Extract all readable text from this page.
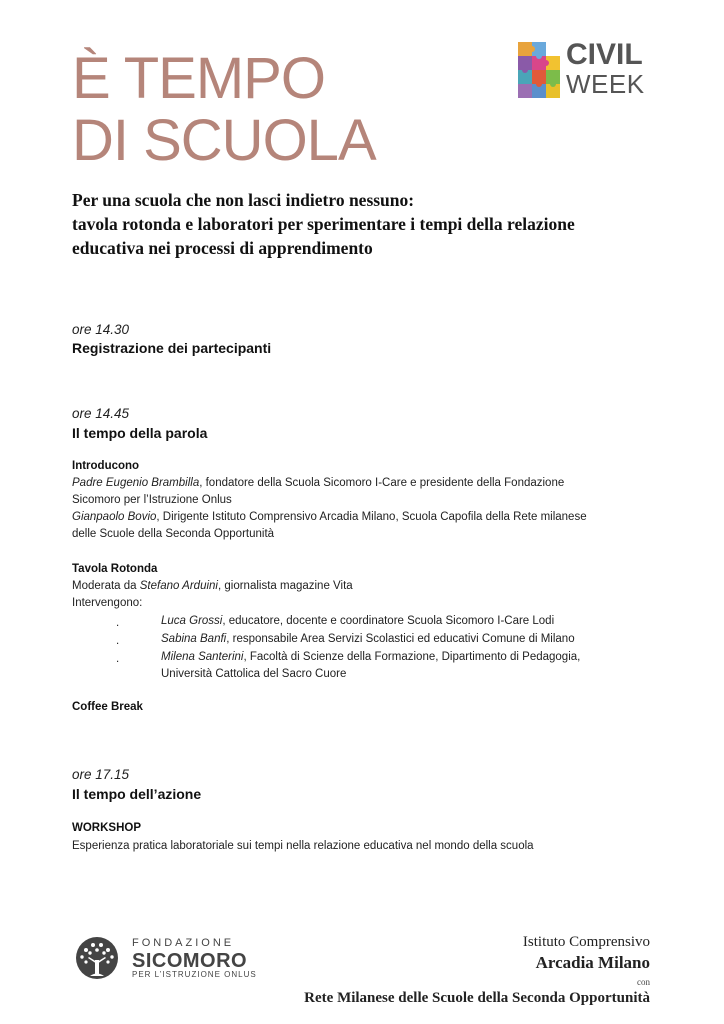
È TEMPO
DI SCUOLA
CIVIL
WEEK
Per una scuola che non lasci indietro nessuno:
tavola rotonda e laboratori per sperimentare i tempi della relazione
educativa nei processi di apprendimento
ore 14.30
Registrazione dei partecipanti
ore 14.45
Il tempo della parola
Introducono
Padre Eugenio Brambilla, fondatore della Scuola Sicomoro I-Care e presidente della Fondazione
Sicomoro per l’Istruzione Onlus
Gianpaolo Bovio, Dirigente Istituto Comprensivo Arcadia Milano, Scuola Capofila della Rete milanese
delle Scuole della Seconda Opportunità
Tavola Rotonda
Moderata da Stefano Arduini, giornalista magazine Vita
Intervengono:
.	Luca Grossi, educatore, docente e coordinatore Scuola Sicomoro I-Care Lodi
.	Sabina Banfi, responsabile Area Servizi Scolastici ed educativi Comune di Milano
.	Milena Santerini, Facoltà di Scienze della Formazione, Dipartimento di Pedagogia,
Università Cattolica del Sacro Cuore
Coffee Break
ore 17.15
Il tempo dell’azione
WORKSHOP
Esperienza pratica laboratoriale sui tempi nella relazione educativa nel mondo della scuola
FONDAZIONE
SICOMORO
PER L’ISTRUZIONE ONLUS
Istituto Comprensivo
Arcadia Milano
con
Rete Milanese delle Scuole della Seconda Opportunità
